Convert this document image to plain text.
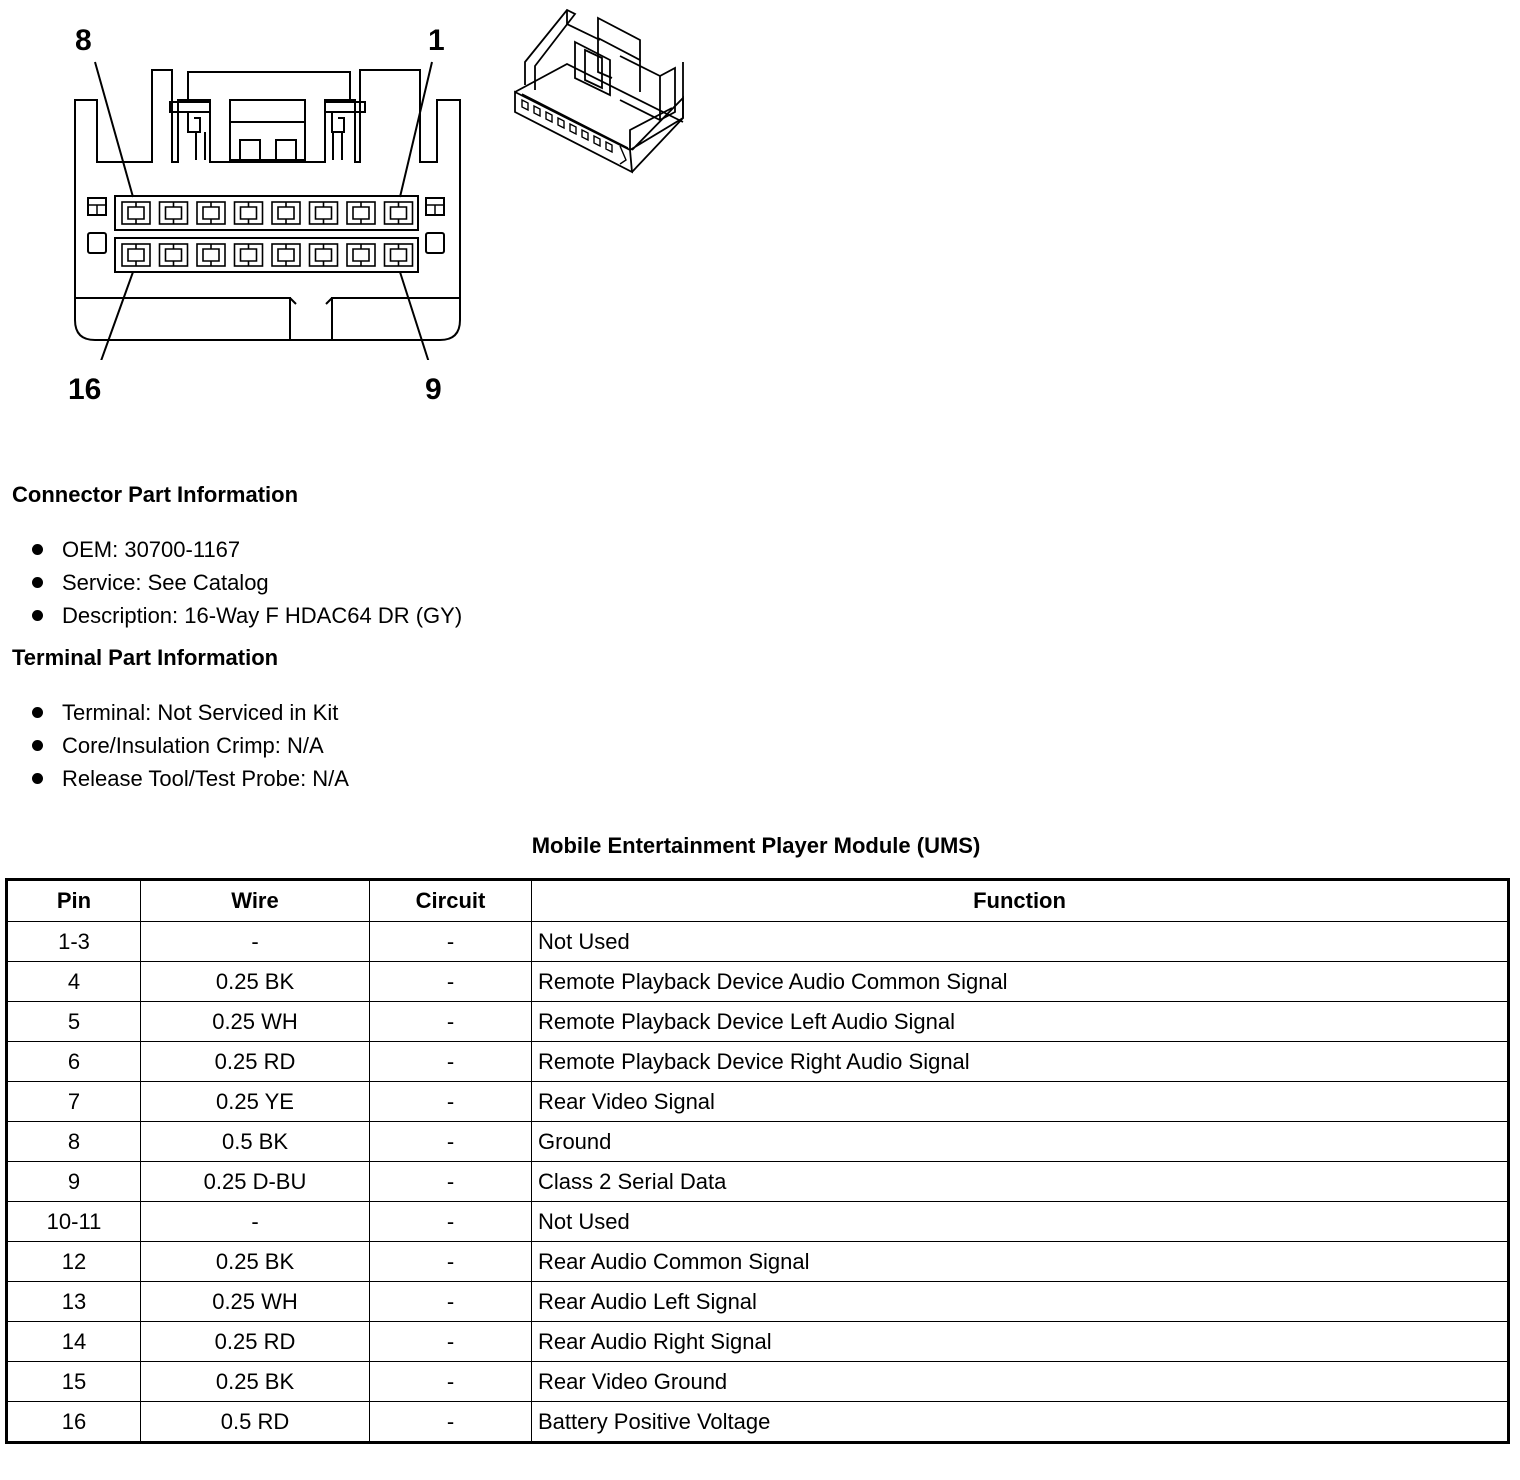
8	1
16	9
Connector Part Information
OEM: 30700-1167
Service: See Catalog
Description: 16-Way F HDAC64 DR (GY)
Terminal Part Information
Terminal: Not Serviced in Kit
Core/Insulation Crimp: N/A
Release Tool/Test Probe: N/A
Mobile Entertainment Player Module (UMS)
Pin	Wire	Circuit	Function
1-3	-	-	Not Used
4	0.25 BK	-	Remote Playback Device Audio Common Signal
5	0.25 WH	-	Remote Playback Device Left Audio Signal
6	0.25 RD	-	Remote Playback Device Right Audio Signal
7	0.25 YE	-	Rear Video Signal
8	0.5 BK	-	Ground
9	0.25 D-BU	-	Class 2 Serial Data
10-11	-	-	Not Used
12	0.25 BK	-	Rear Audio Common Signal
13	0.25 WH	-	Rear Audio Left Signal
14	0.25 RD	-	Rear Audio Right Signal
15	0.25 BK	-	Rear Video Ground
16	0.5 RD	-	Battery Positive Voltage
